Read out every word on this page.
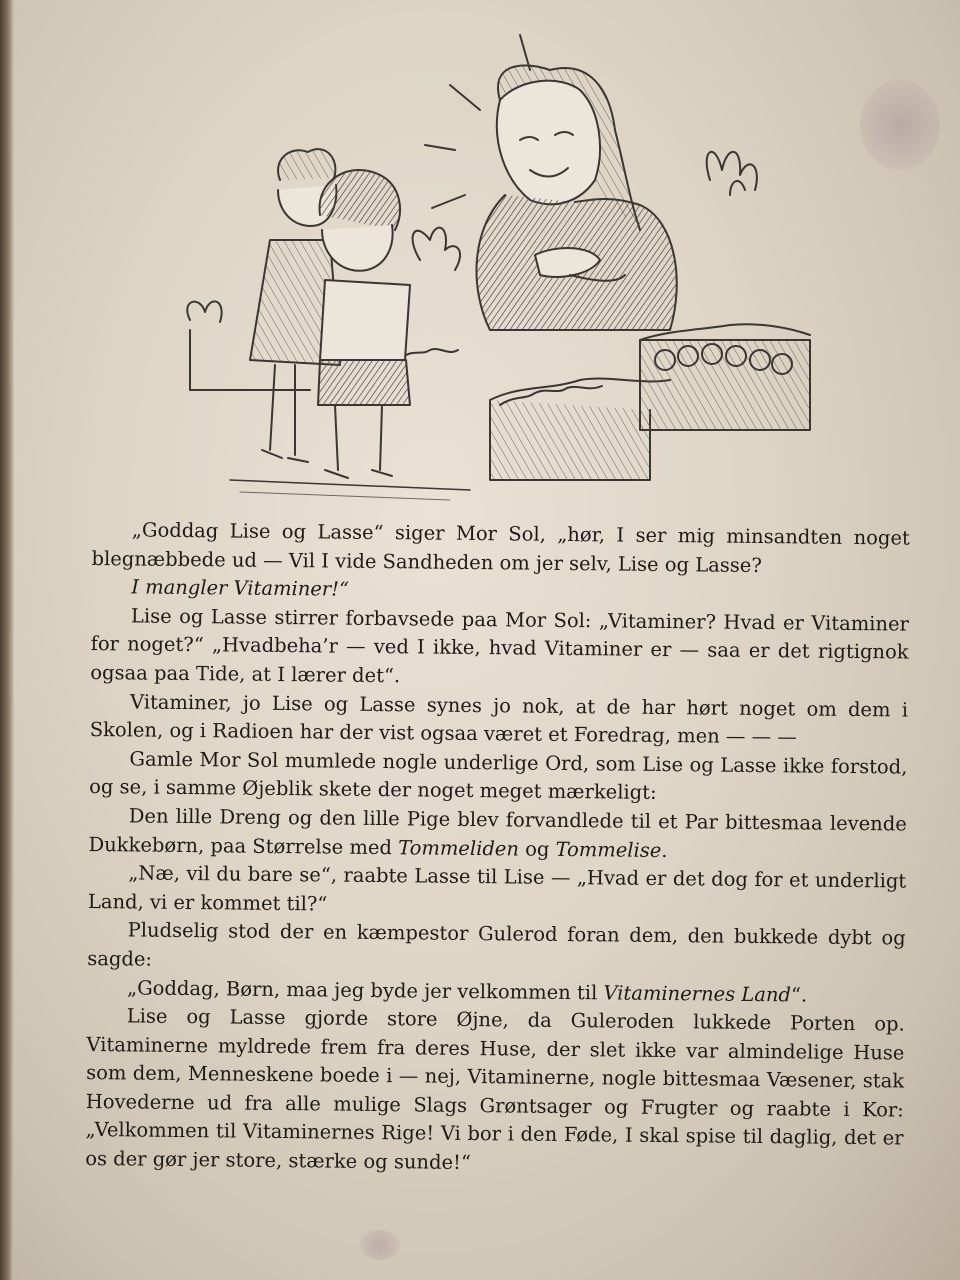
„Goddag Lise og Lasse“ siger Mor Sol, „hør, I ser mig minsandten noget blegnæbbede ud — Vil I vide Sandheden om jer selv, Lise og Lasse?

I mangler Vitaminer!“

Lise og Lasse stirrer forbavsede paa Mor Sol: „Vitaminer? Hvad er Vitaminer for noget?“ „Hvadbeha’r — ved I ikke, hvad Vitaminer er — saa er det rigtignok ogsaa paa Tide, at I lærer det“.

Vitaminer, jo Lise og Lasse synes jo nok, at de har hørt noget om dem i Skolen, og i Radioen har der vist ogsaa været et Foredrag, men — — —

Gamle Mor Sol mumlede nogle underlige Ord, som Lise og Lasse ikke forstod, og se, i samme Øjeblik skete der noget meget mærkeligt:

Den lille Dreng og den lille Pige blev forvandlede til et Par bittesmaa levende Dukkebørn, paa Størrelse med Tommeliden og Tommelise.

„Næ, vil du bare se“, raabte Lasse til Lise — „Hvad er det dog for et underligt Land, vi er kommet til?“

Pludselig stod der en kæmpestor Gulerod foran dem, den bukkede dybt og sagde:

„Goddag, Børn, maa jeg byde jer velkommen til Vitaminernes Land“.

Lise og Lasse gjorde store Øjne, da Guleroden lukkede Porten op. Vitaminerne myldrede frem fra deres Huse, der slet ikke var almindelige Huse som dem, Menneskene boede i — nej, Vitaminerne, nogle bittesmaa Væsener, stak Hovederne ud fra alle mulige Slags Grøntsager og Frugter og raabte i Kor: „Velkommen til Vitaminernes Rige! Vi bor i den Føde, I skal spise til daglig, det er os der gør jer store, stærke og sunde!“
